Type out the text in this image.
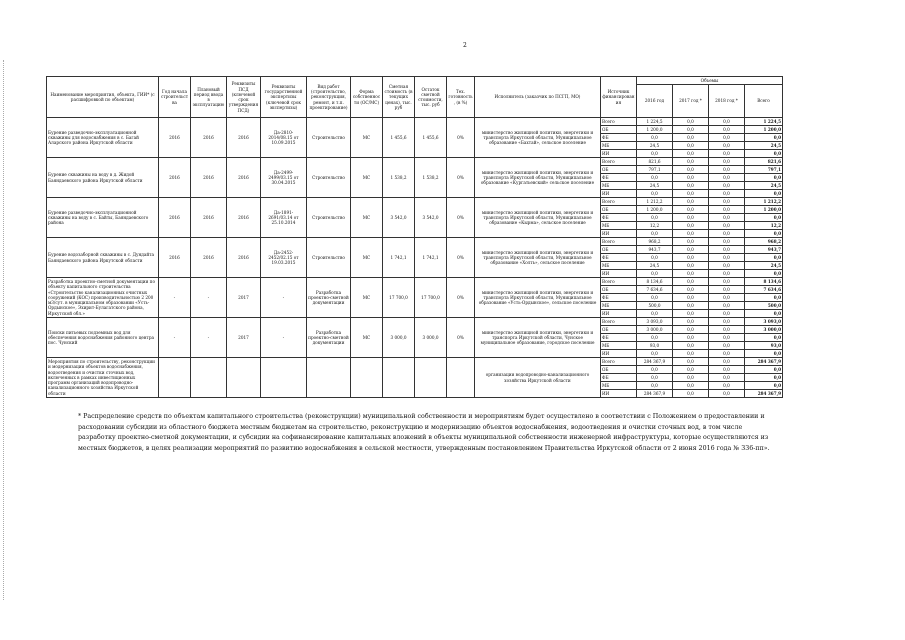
2
Наименование мероприятия, объекта, ГИИ* (с расшифровкой по объектам)	Год начала строительства	Плановый период ввода в эксплуатацию	Реквизиты ПСД (ключевой срок утверждения ПСД)	Реквизиты государственной экспертизы (ключевой срок экспертизы)	Вид работ (строительство, реконструкция, ремонт, и т.п. проектирование)	Форма собственности (ОС/МС)	Сметная стоимость (в текущих ценах), тыс. руб	Остаток сметной стоимости, тыс. руб	Тех. готовность, (в %)	Исполнитель (заказчик по ПСГП, МО)	Источник финансирования	Объемы			
												2016 год	2017 год *	2018 год *	Всего
Бурение разведочно-эксплуатационной скважины для водоснабжения в с. Багай Аларского района Иркутской области	2016	2016	2016	Да-2810-2014/08.15 от 10.09.2015	Строительство	МС	1 455,6	1 455,6	0%	министерство жилищной политики, энергетики и транспорта Иркутской области, Муниципальное образование «Бахтай», сельское поселение	Всего	1 224,5	0,0	0,0	1 224,5
											ОБ	1 200,0	0,0	0,0	1 200,0
											ФБ	0,0	0,0	0,0	0,0
											МБ	24,5	0,0	0,0	24,5
											ИИ	0,0	0,0	0,0	0,0
Бурение скважины на воду в д. Жидой Баяндаевского района Иркутской области	2016	2016	2016	Да-2499-2499/03.15 от 30.04.2015	Строительство	МС	1 538,2	1 538,2	0%	министерство жилищной политики, энергетики и транспорта Иркутской области, Муниципальное образование «Кургатьевский» сельское поселение	Всего	821,6	0,0	0,0	821,6
											ОБ	797,1	0,0	0,0	797,1
											ФБ	0,0	0,0	0,0	0,0
											МБ	24,5	0,0	0,0	24,5
											ИИ	0,0	0,0	0,0	0,0
Бурение разведочно-эксплуатационной скважины на воду в с. Байты, Баяндаевского района	2016	2016	2016	Да-1891-2691/03.14 от 25.10.2014	Строительство	МС	3 542,0	3 542,0	0%	министерство жилищной политики, энергетики и транспорта Иркутской области, Муниципальное образование «Кырма», сельское поселение	Всего	1 212,2	0,0	0,0	1 212,2
											ОБ	1 200,0	0,0	0,0	1 200,0
											ФБ	0,0	0,0	0,0	0,0
											МБ	12,2	0,0	0,0	12,2
											ИИ	0,0	0,0	0,0	0,0
Бурение водозаборной скважины в с. Дундайта Баяндаевского района Иркутской области	2016	2016	2016	Да-2452-2452/02.15 от 19.03.2015	Строительство	МС	1 742,1	1 742,1	0%	министерство жилищной политики, энергетики и транспорта Иркутской области, Муниципальное образование «Холть», сельское поселение	Всего	968,2	0,0	0,0	968,2
											ОБ	943,7	0,0	0,0	943,7
											ФБ	0,0	0,0	0,0	0,0
											МБ	24,5	0,0	0,0	24,5
											ИИ	0,0	0,0	0,0	0,0
Разработка проектно-сметной документации по объекту капитального строительства «Строительство канализационных очистных сооружений (КОС) производительностью 2 200 м3/сут. в муниципальном образовании «Усть-Ордынское», Эхирит-Булагатского района, Иркутской обл.»	-	-	2017	-	Разработка проектно-сметной документации	МС	17 700,0	17 700,0	0%	министерство жилищной политики, энергетики и транспорта Иркутской области, Муниципальное образование «Усть-Ордынское», сельское поселение	Всего	8 134,6	0,0	0,0	8 134,6
											ОБ	7 634,6	0,0	0,0	7 634,6
											ФБ	0,0	0,0	0,0	0,0
											МБ	500,0	0,0	0,0	500,0
											ИИ	0,0	0,0	0,0	0,0
Поиски питьевых подземных вод для обеспечения водоснабжения районного центра пос. Чунский	-	-	2017	-	Разработка проектно-сметной документации	МС	3 000,0	3 000,0	0%	министерство жилищной политики, энергетики и транспорта Иркутской области, Чунское муниципальное образование, городское поселение	Всего	3 093,0	0,0	0,0	3 093,0
											ОБ	3 000,0	0,0	0,0	3 000,0
											ФБ	0,0	0,0	0,0	0,0
											МБ	93,0	0,0	0,0	93,0
											ИИ	0,0	0,0	0,0	0,0
Мероприятия по строительству, реконструкции и модернизации объектов водоснабжения, водоотведения и очистки сточных вод, включенных в рамках инвестиционных программ организаций водопроводно-канализационного хозяйства Иркутской области										организации водопроводно-канализационного хозяйства Иркутской области	Всего	284 367,9	0,0	0,0	284 367,9
											ОБ	0,0	0,0	0,0	0,0
											ФБ	0,0	0,0	0,0	0,0
											МБ	0,0	0,0	0,0	0,0
											ИИ	284 367,9	0,0	0,0	284 367,9
* Распределение средств по объектам капитального строительства (реконструкции) муниципальной собственности и мероприятиям будет осуществлено в соответствии с Положением о предоставлении и расходовании субсидии из областного бюджета местным бюджетам на строительство, реконструкцию и модернизацию объектов водоснабжения, водоотведения и очистки сточных вод, в том числе разработку проектно-сметной документации, и субсидии на софинансирование капитальных вложений в объекты муниципальной собственности инженерной инфраструктуры, которые осуществляются из местных бюджетов, в целях реализации мероприятий по развитию водоснабжения в сельской местности, утвержденным постановлением Правительства Иркутской области от 2 июня 2016 года № 336-пп».
